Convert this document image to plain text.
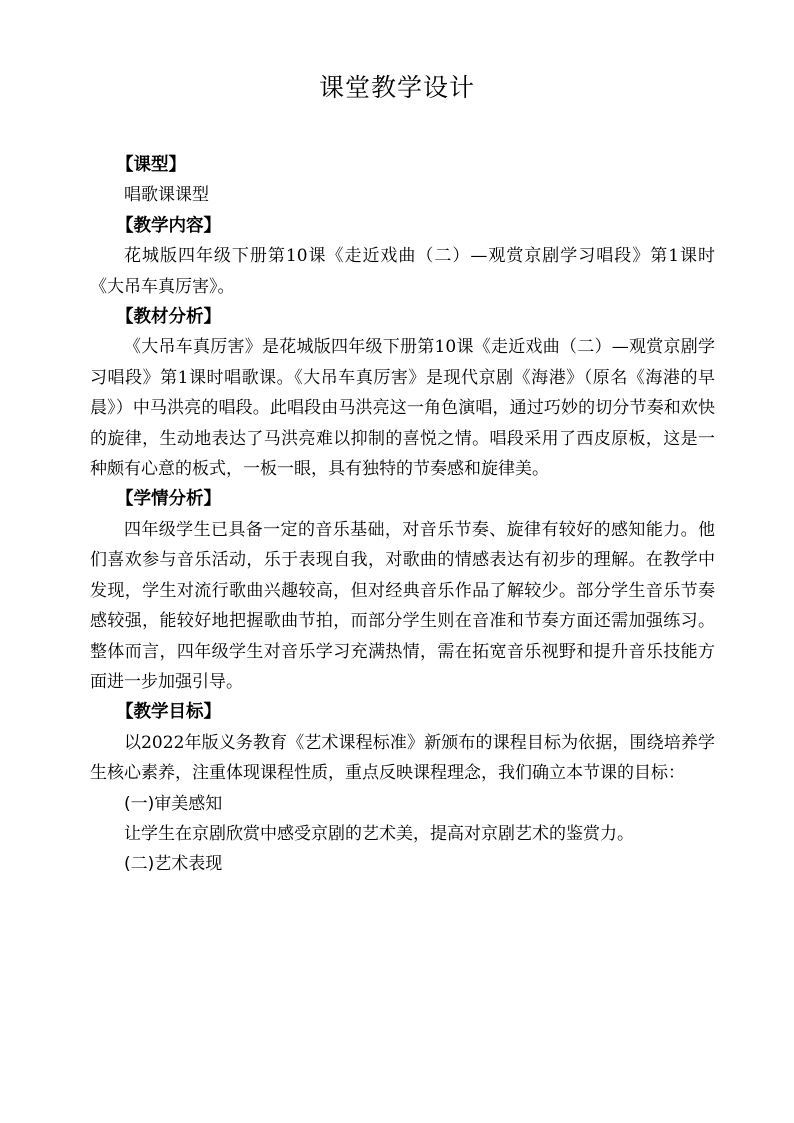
课堂教学设计
【课型】
唱歌课课型
【教学内容】
花城版四年级下册第10课《走近戏曲（二）—观赏京剧学习唱段》第1课时《大吊车真厉害》。
【教材分析】
《大吊车真厉害》是花城版四年级下册第10课《走近戏曲（二）—观赏京剧学习唱段》第1课时唱歌课。《大吊车真厉害》是现代京剧《海港》（原名《海港的早晨》）中马洪亮的唱段。此唱段由马洪亮这一角色演唱，通过巧妙的切分节奏和欢快的旋律，生动地表达了马洪亮难以抑制的喜悦之情。唱段采用了西皮原板，这是一种颇有心意的板式，一板一眼，具有独特的节奏感和旋律美。
【学情分析】
四年级学生已具备一定的音乐基础，对音乐节奏、旋律有较好的感知能力。他们喜欢参与音乐活动，乐于表现自我，对歌曲的情感表达有初步的理解。在教学中发现，学生对流行歌曲兴趣较高，但对经典音乐作品了解较少。部分学生音乐节奏感较强，能较好地把握歌曲节拍，而部分学生则在音准和节奏方面还需加强练习。整体而言，四年级学生对音乐学习充满热情，需在拓宽音乐视野和提升音乐技能方面进一步加强引导。
【教学目标】
以2022年版义务教育《艺术课程标准》新颁布的课程目标为依据，围绕培养学生核心素养，注重体现课程性质，重点反映课程理念，我们确立本节课的目标：
(一)审美感知
让学生在京剧欣赏中感受京剧的艺术美，提高对京剧艺术的鉴赏力。
(二)艺术表现
